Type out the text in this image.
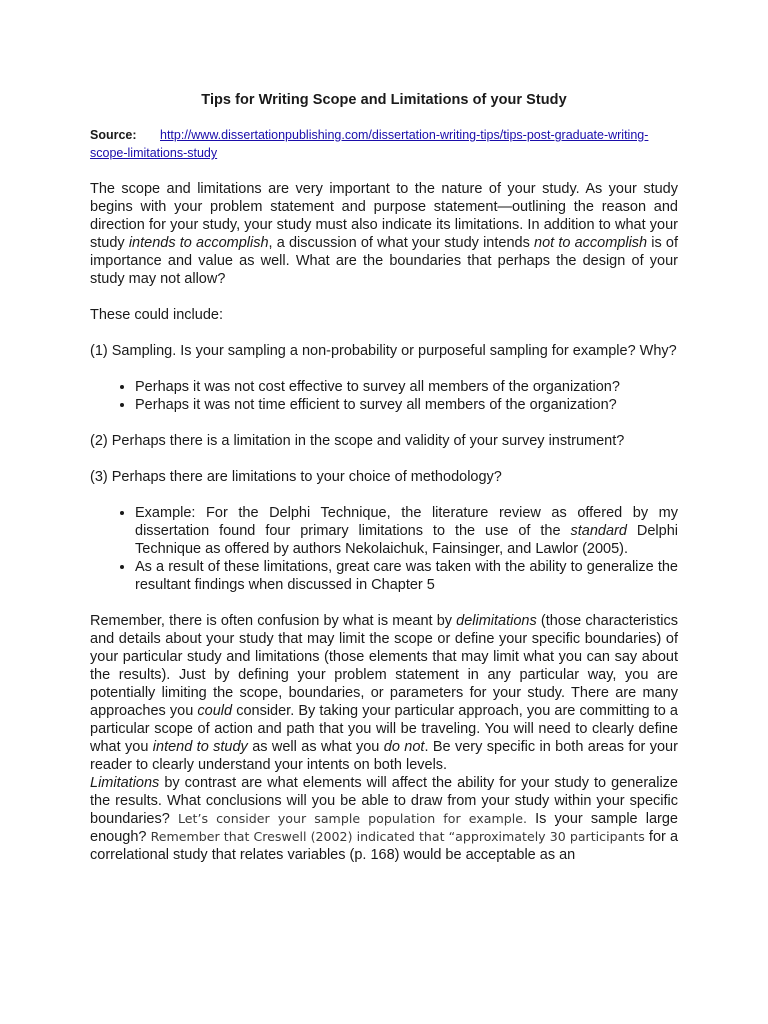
Tips for Writing Scope and Limitations of your Study
Source: http://www.dissertationpublishing.com/dissertation-writing-tips/tips-post-graduate-writing-
scope-limitations-study

The scope and limitations are very important to the nature of your study. As your study begins with your problem statement and purpose statement—outlining the reason and direction for your study, your study must also indicate its limitations. In addition to what your study intends to accomplish, a discussion of what your study intends not to accomplish is of importance and value as well. What are the boundaries that perhaps the design of your study may not allow?

These could include:

(1) Sampling. Is your sampling a non-probability or purposeful sampling for example? Why?

• Perhaps it was not cost effective to survey all members of the organization?
• Perhaps it was not time efficient to survey all members of the organization?

(2) Perhaps there is a limitation in the scope and validity of your survey instrument?

(3) Perhaps there are limitations to your choice of methodology?

• Example: For the Delphi Technique, the literature review as offered by my dissertation found four primary limitations to the use of the standard Delphi Technique as offered by authors Nekolaichuk, Fainsinger, and Lawlor (2005).
• As a result of these limitations, great care was taken with the ability to generalize the resultant findings when discussed in Chapter 5

Remember, there is often confusion by what is meant by delimitations (those characteristics and details about your study that may limit the scope or define your specific boundaries) of your particular study and limitations (those elements that may limit what you can say about the results). Just by defining your problem statement in any particular way, you are potentially limiting the scope, boundaries, or parameters for your study. There are many approaches you could consider. By taking your particular approach, you are committing to a particular scope of action and path that you will be traveling. You will need to clearly define what you intend to study as well as what you do not. Be very specific in both areas for your reader to clearly understand your intents on both levels.

Limitations by contrast are what elements will affect the ability for your study to generalize the results. What conclusions will you be able to draw from your study within your specific boundaries? Let’s consider your sample population for example. Is your sample large enough? Remember that Creswell (2002) indicated that “approximately 30 participants for a correlational study that relates variables (p. 168) would be acceptable as an
